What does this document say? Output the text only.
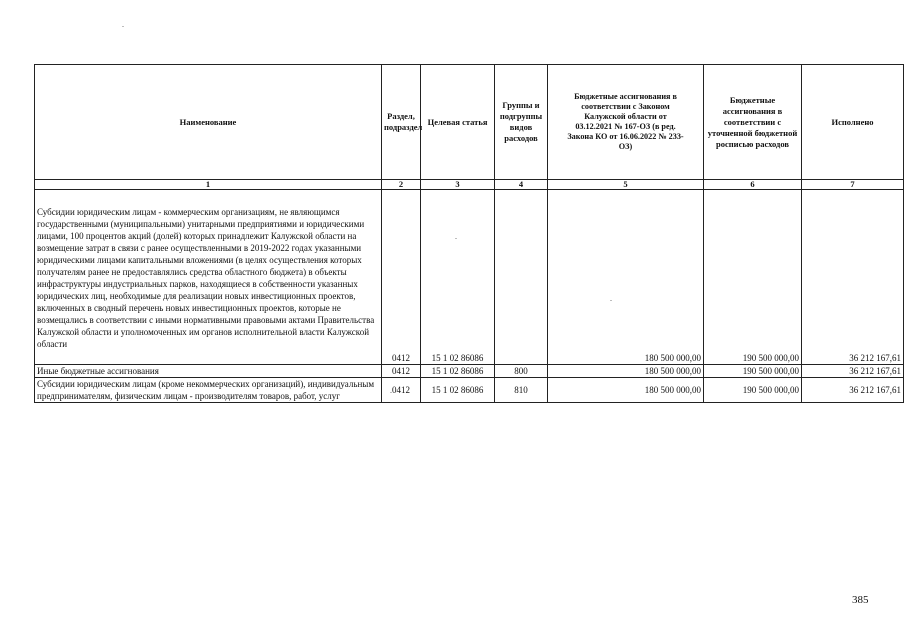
Наименование	Раздел, подраздел	Целевая статья	Группы и подгруппы видов расходов	Бюджетные ассигнования в соответствии с Законом Калужской области от 03.12.2021 № 167-ОЗ (в ред. Закона КО от 16.06.2022 № 233-ОЗ)	Бюджетные ассигнования в соответствии с уточненной бюджетной росписью расходов	Исполнено
1	2	3	4	5	6	7

Субсидии юридическим лицам - коммерческим организациям, не являющимся государственными (муниципальными) унитарными предприятиями и юридическими лицами, 100 процентов акций (долей) которых принадлежит Калужской области на возмещение затрат в связи с ранее осуществленными в 2019-2022 годах указанными юридическими лицами капитальными вложениями (в целях осуществления которых получателям ранее не предоставлялись средства областного бюджета) в объекты инфраструктуры индустриальных парков, находящиеся в собственности указанных юридических лиц, необходимые для реализации новых инвестиционных проектов, включенных в сводный перечень новых инвестиционных проектов, которые не возмещались в соответствии с иными нормативными правовыми актами Правительства Калужской области и уполномоченных им органов исполнительной власти Калужской области	0412	15 1 02 86086		180 500 000,00	190 500 000,00	36 212 167,61
Иные бюджетные ассигнования	0412	15 1 02 86086	800	180 500 000,00	190 500 000,00	36 212 167,61
Субсидии юридическим лицам (кроме некоммерческих организаций), индивидуальным предпринимателям, физическим лицам - производителям товаров, работ, услуг	0412	15 1 02 86086	810	180 500 000,00	190 500 000,00	36 212 167,61
385
